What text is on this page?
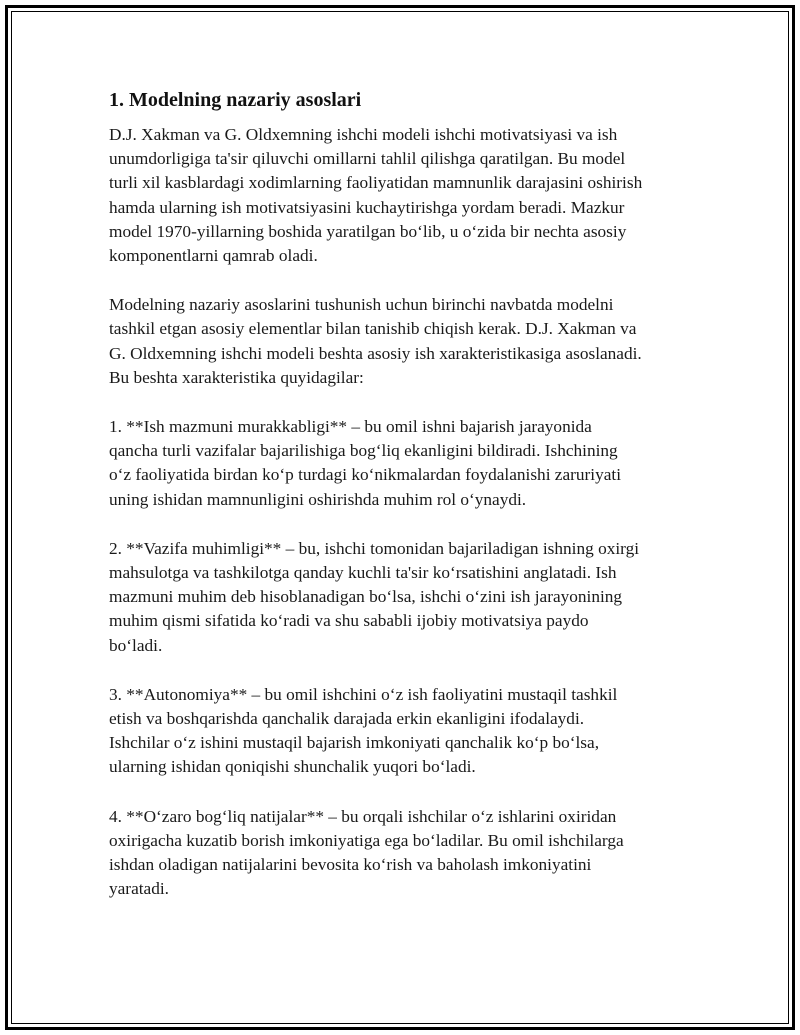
1. Modelning nazariy asoslari
D.J. Xakman va G. Oldxemning ishchi modeli ishchi motivatsiyasi va ish
unumdorligiga ta'sir qiluvchi omillarni tahlil qilishga qaratilgan. Bu model
turli xil kasblardagi xodimlarning faoliyatidan mamnunlik darajasini oshirish
hamda ularning ish motivatsiyasini kuchaytirishga yordam beradi. Mazkur
model 1970-yillarning boshida yaratilgan bo‘lib, u o‘zida bir nechta asosiy
komponentlarni qamrab oladi.
Modelning nazariy asoslarini tushunish uchun birinchi navbatda modelni
tashkil etgan asosiy elementlar bilan tanishib chiqish kerak. D.J. Xakman va
G. Oldxemning ishchi modeli beshta asosiy ish xarakteristikasiga asoslanadi.
Bu beshta xarakteristika quyidagilar:
1. **Ish mazmuni murakkabligi** – bu omil ishni bajarish jarayonida
qancha turli vazifalar bajarilishiga bog‘liq ekanligini bildiradi. Ishchining
o‘z faoliyatida birdan ko‘p turdagi ko‘nikmalardan foydalanishi zaruriyati
uning ishidan mamnunligini oshirishda muhim rol o‘ynaydi.
2. **Vazifa muhimligi** – bu, ishchi tomonidan bajariladigan ishning oxirgi
mahsulotga va tashkilotga qanday kuchli ta'sir ko‘rsatishini anglatadi. Ish
mazmuni muhim deb hisoblanadigan bo‘lsa, ishchi o‘zini ish jarayonining
muhim qismi sifatida ko‘radi va shu sababli ijobiy motivatsiya paydo
bo‘ladi.
3. **Autonomiya** – bu omil ishchini o‘z ish faoliyatini mustaqil tashkil
etish va boshqarishda qanchalik darajada erkin ekanligini ifodalaydi.
Ishchilar o‘z ishini mustaqil bajarish imkoniyati qanchalik ko‘p bo‘lsa,
ularning ishidan qoniqishi shunchalik yuqori bo‘ladi.
4. **O‘zaro bog‘liq natijalar** – bu orqali ishchilar o‘z ishlarini oxiridan
oxirigacha kuzatib borish imkoniyatiga ega bo‘ladilar. Bu omil ishchilarga
ishdan oladigan natijalarini bevosita ko‘rish va baholash imkoniyatini
yaratadi.
